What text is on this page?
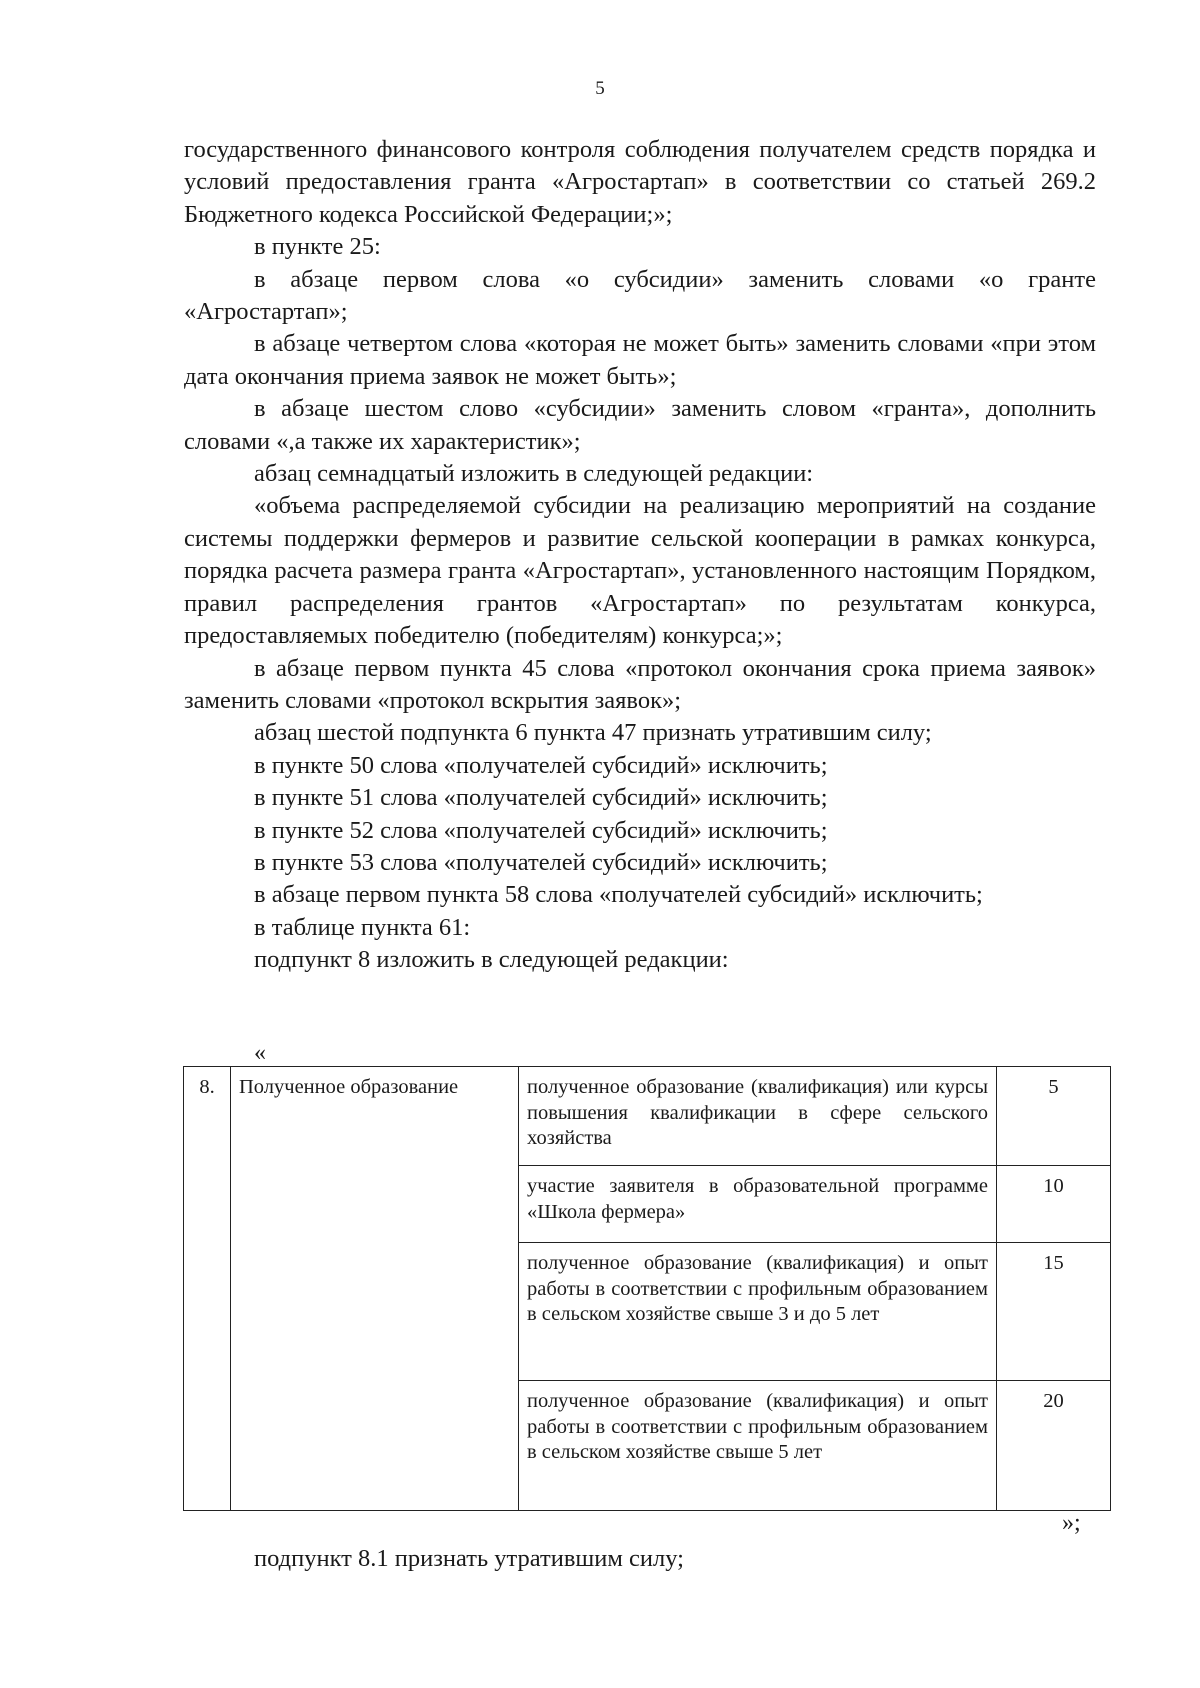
5

государственного финансового контроля соблюдения получателем средств порядка и условий предоставления гранта «Агростартап» в соответствии со статьей 269.2 Бюджетного кодекса Российской Федерации;»;

в пункте 25:

в абзаце первом слова «о субсидии» заменить словами «о гранте «Агростартап»;

в абзаце четвертом слова «которая не может быть» заменить словами «при этом дата окончания приема заявок не может быть»;

в абзаце шестом слово «субсидии» заменить словом «гранта», дополнить словами «,а также их характеристик»;

абзац семнадцатый изложить в следующей редакции:

«объема распределяемой субсидии на реализацию мероприятий на создание системы поддержки фермеров и развитие сельской кооперации в рамках конкурса, порядка расчета размера гранта «Агростартап», установленного настоящим Порядком, правил распределения грантов «Агростартап» по результатам конкурса, предоставляемых победителю (победителям) конкурса;»;

в абзаце первом пункта 45 слова «протокол окончания срока приема заявок» заменить словами «протокол вскрытия заявок»;

абзац шестой подпункта 6 пункта 47 признать утратившим силу;

в пункте 50 слова «получателей субсидий» исключить;

в пункте 51 слова «получателей субсидий» исключить;

в пункте 52 слова «получателей субсидий» исключить;

в пункте 53 слова «получателей субсидий» исключить;

в абзаце первом пункта 58 слова «получателей субсидий» исключить;

в таблице пункта 61:

подпункт 8 изложить в следующей редакции:

«
8.	Полученное образование	полученное образование (квалификация) или курсы повышения квалификации в сфере сельского хозяйства	5
		участие заявителя в образовательной программе «Школа фермера»	10
		полученное образование (квалификация) и опыт работы в соответствии с профильным образованием в сельском хозяйстве свыше 3 и до 5 лет	15
		полученное образование (квалификация) и опыт работы в соответствии с профильным образованием в сельском хозяйстве свыше 5 лет	20
»;
подпункт 8.1 признать утратившим силу;
